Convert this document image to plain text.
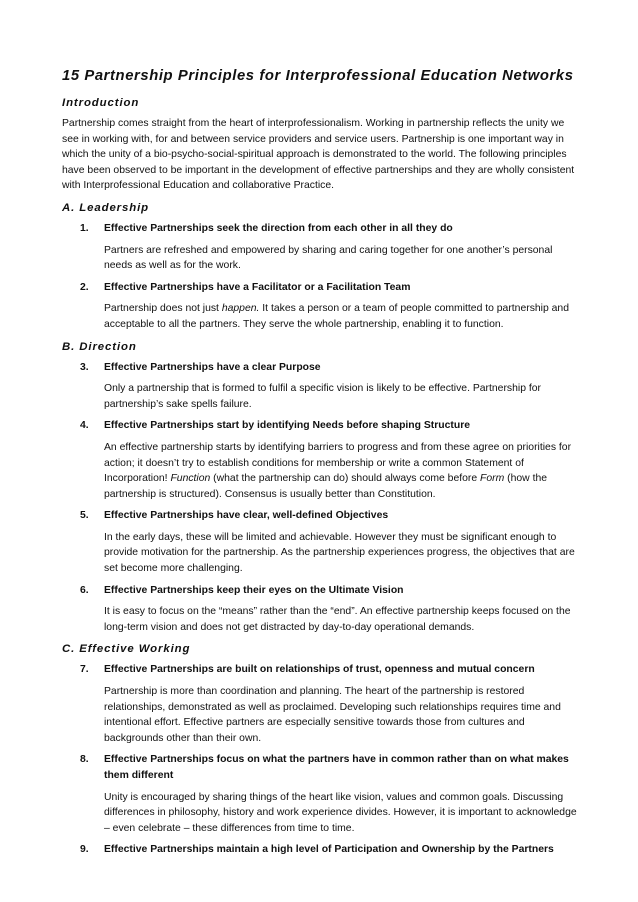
15 Partnership Principles for Interprofessional Education Networks
Introduction

Partnership comes straight from the heart of interprofessionalism. Working in partnership reflects the unity we see in working with, for and between service providers and service users. Partnership is one important way in which the unity of a bio-psycho-social-spiritual approach is demonstrated to the world. The following principles have been observed to be important in the development of effective partnerships and they are wholly consistent with Interprofessional Education and collaborative Practice.

A. Leadership
1.	Effective Partnerships seek the direction from each other in all they do
Partners are refreshed and empowered by sharing and caring together for one another’s personal needs as well as for the work.
2.	Effective Partnerships have a Facilitator or a Facilitation Team
Partnership does not just happen. It takes a person or a team of people committed to partnership and acceptable to all the partners. They serve the whole partnership, enabling it to function.
B. Direction
3.	Effective Partnerships have a clear Purpose
Only a partnership that is formed to fulfil a specific vision is likely to be effective. Partnership for partnership’s sake spells failure.
4.	Effective Partnerships start by identifying Needs before shaping Structure
An effective partnership starts by identifying barriers to progress and from these agree on priorities for action; it doesn’t try to establish conditions for membership or write a common Statement of Incorporation! Function (what the partnership can do) should always come before Form (how the partnership is structured). Consensus is usually better than Constitution.
5.	Effective Partnerships have clear, well-defined Objectives
In the early days, these will be limited and achievable. However they must be significant enough to provide motivation for the partnership. As the partnership experiences progress, the objectives that are set become more challenging.
6.	Effective Partnerships keep their eyes on the Ultimate Vision
It is easy to focus on the “means” rather than the “end”. An effective partnership keeps focused on the long-term vision and does not get distracted by day-to-day operational demands.
C. Effective Working
7.	Effective Partnerships are built on relationships of trust, openness and mutual concern
Partnership is more than coordination and planning. The heart of the partnership is restored relationships, demonstrated as well as proclaimed. Developing such relationships requires time and intentional effort. Effective partners are especially sensitive towards those from cultures and backgrounds other than their own.
8.	Effective Partnerships focus on what the partners have in common rather than on what makes them different
Unity is encouraged by sharing things of the heart like vision, values and common goals. Discussing differences in philosophy, history and work experience divides. However, it is important to acknowledge – even celebrate – these differences from time to time.
9.	Effective Partnerships maintain a high level of Participation and Ownership by the Partners
